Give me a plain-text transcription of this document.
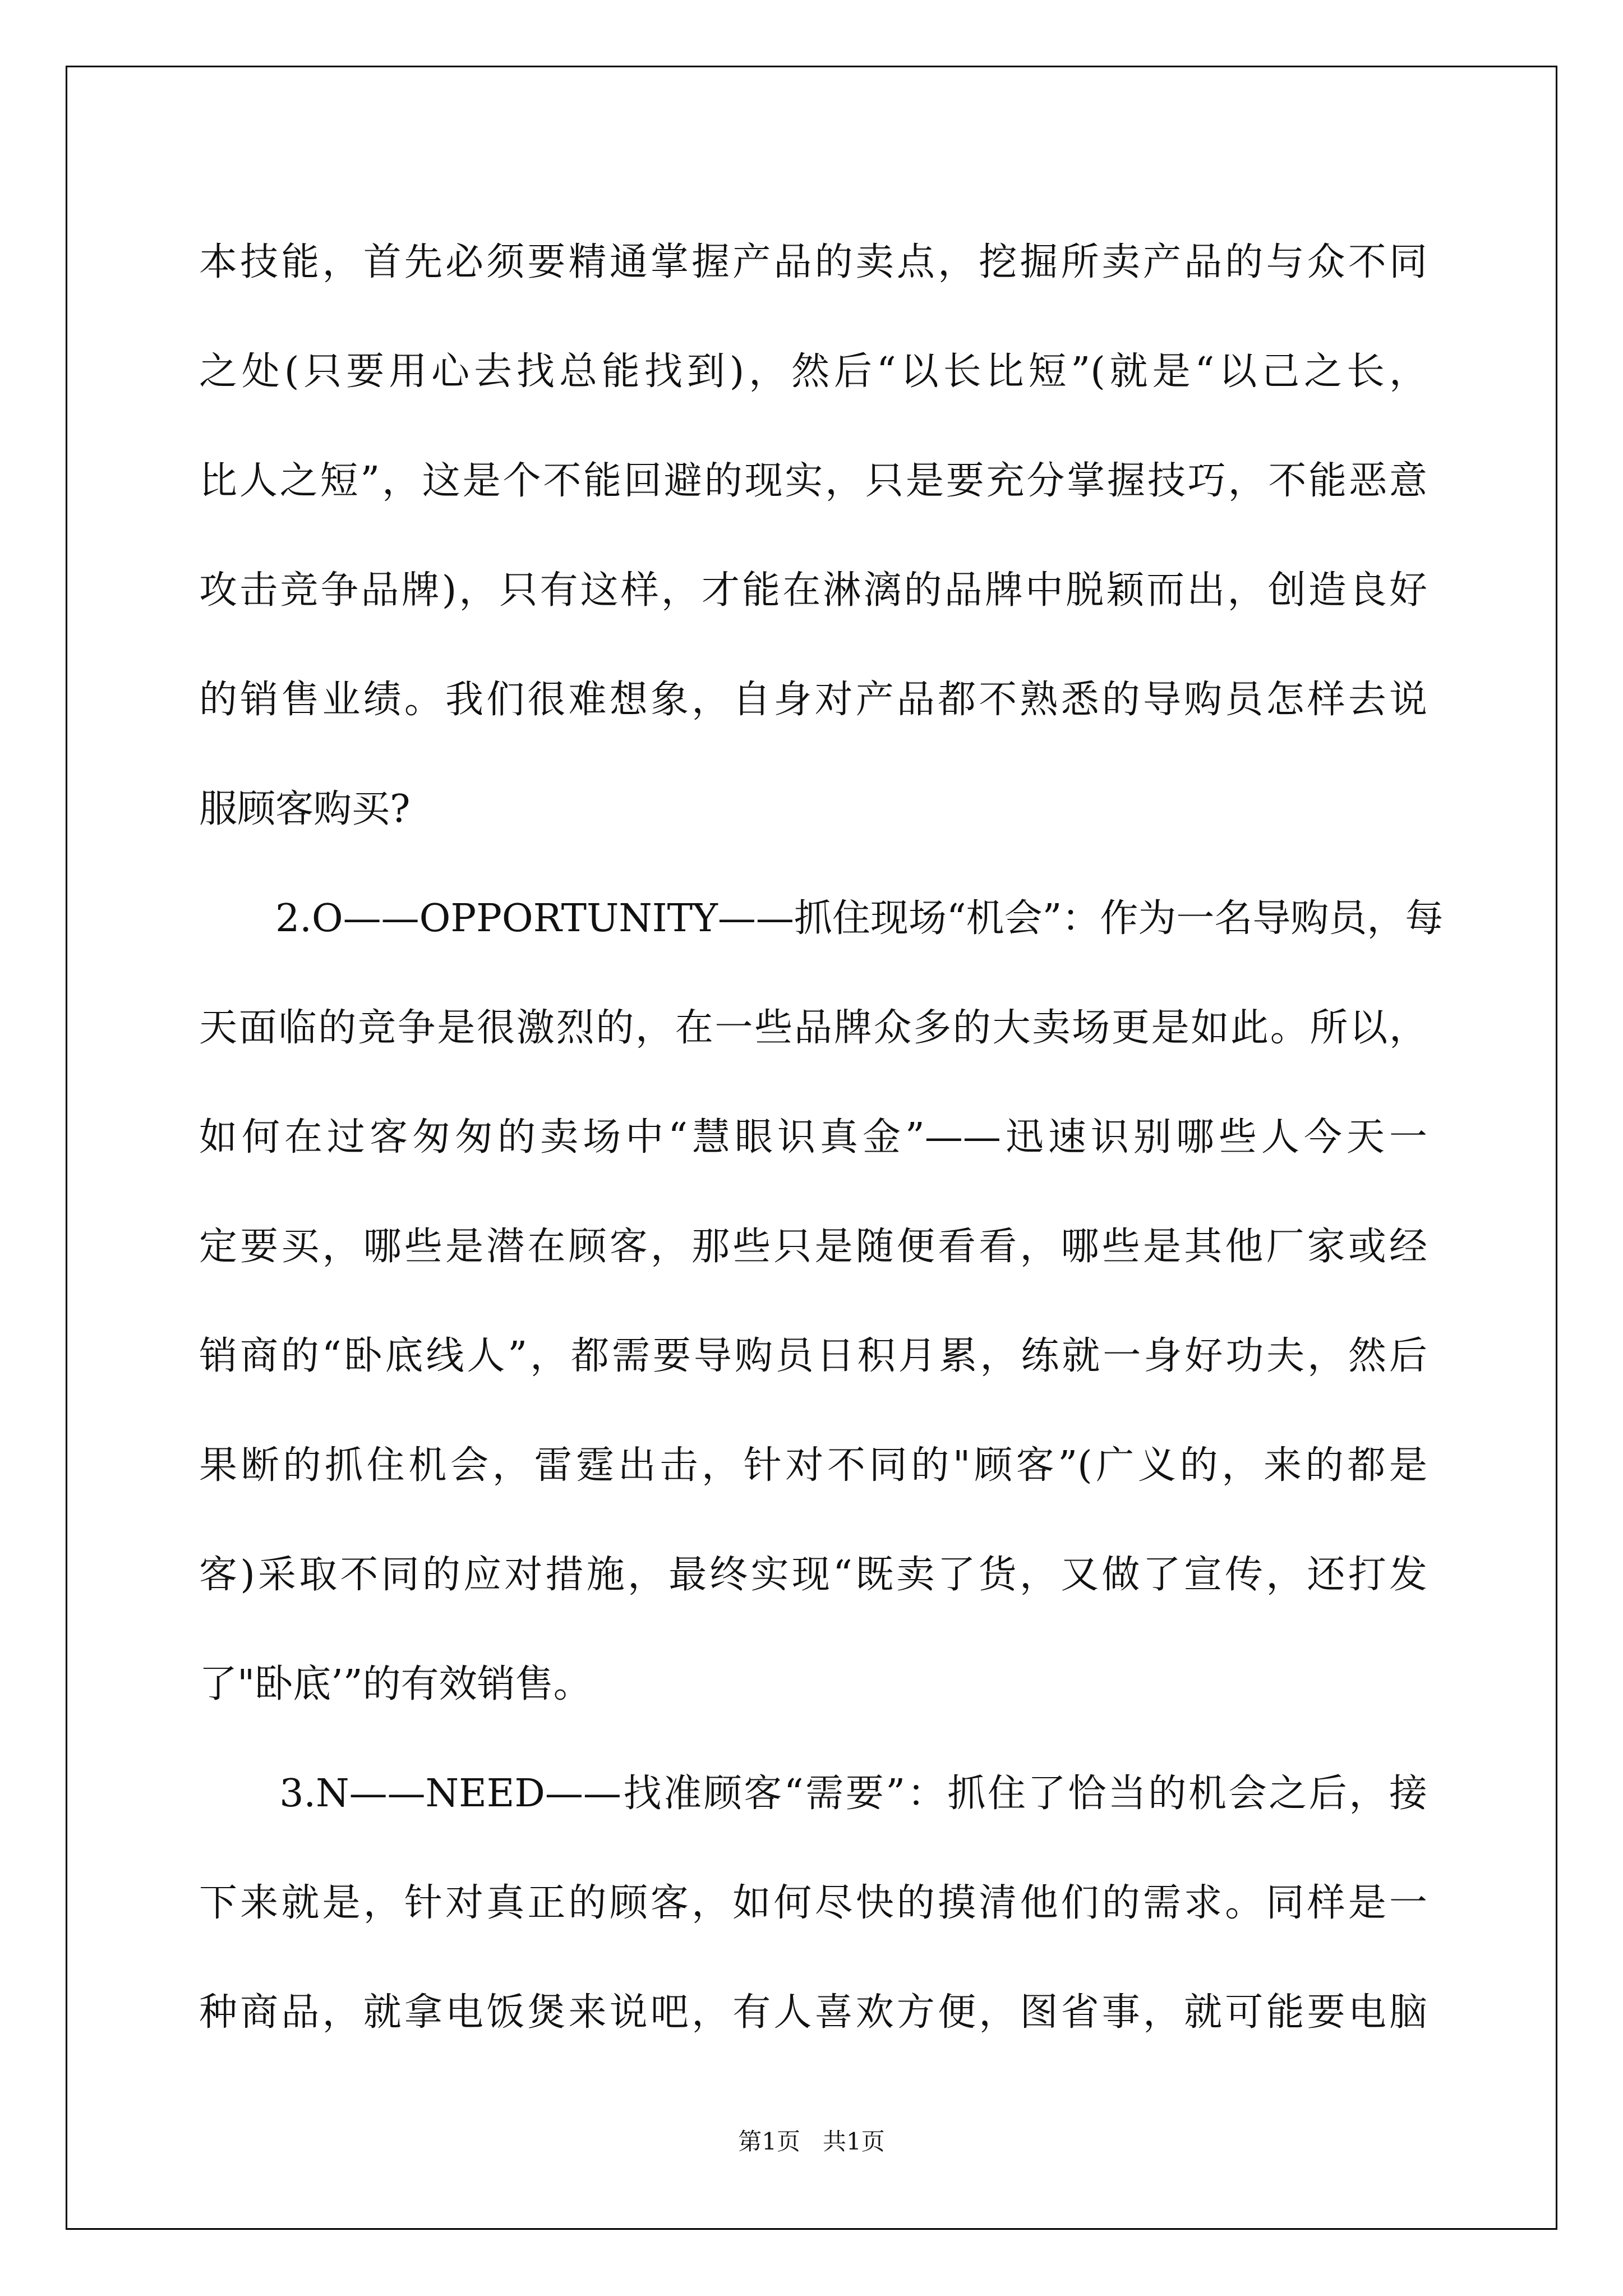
本技能，首先必须要精通掌握产品的卖点，挖掘所卖产品的与众不同
之处(只要用心去找总能找到)，然后“以长比短”(就是“以己之长，
比人之短”，这是个不能回避的现实，只是要充分掌握技巧，不能恶意
攻击竞争品牌)，只有这样，才能在淋漓的品牌中脱颖而出，创造良好
的销售业绩。我们很难想象，自身对产品都不熟悉的导购员怎样去说
服顾客购买?
　　2.O——OPPORTUNITY——抓住现场“机会”：作为一名导购员，每
天面临的竞争是很激烈的，在一些品牌众多的大卖场更是如此。所以，
如何在过客匆匆的卖场中“慧眼识真金”——迅速识别哪些人今天一
定要买，哪些是潜在顾客，那些只是随便看看，哪些是其他厂家或经
销商的“卧底线人”，都需要导购员日积月累，练就一身好功夫，然后
果断的抓住机会，雷霆出击，针对不同的"顾客”(广义的，来的都是
客)采取不同的应对措施，最终实现“既卖了货，又做了宣传，还打发
了"卧底’”的有效销售。
　　3.N——NEED——找准顾客“需要”：抓住了恰当的机会之后，接
下来就是，针对真正的顾客，如何尽快的摸清他们的需求。同样是一
种商品，就拿电饭煲来说吧，有人喜欢方便，图省事，就可能要电脑
第1页   共1页
